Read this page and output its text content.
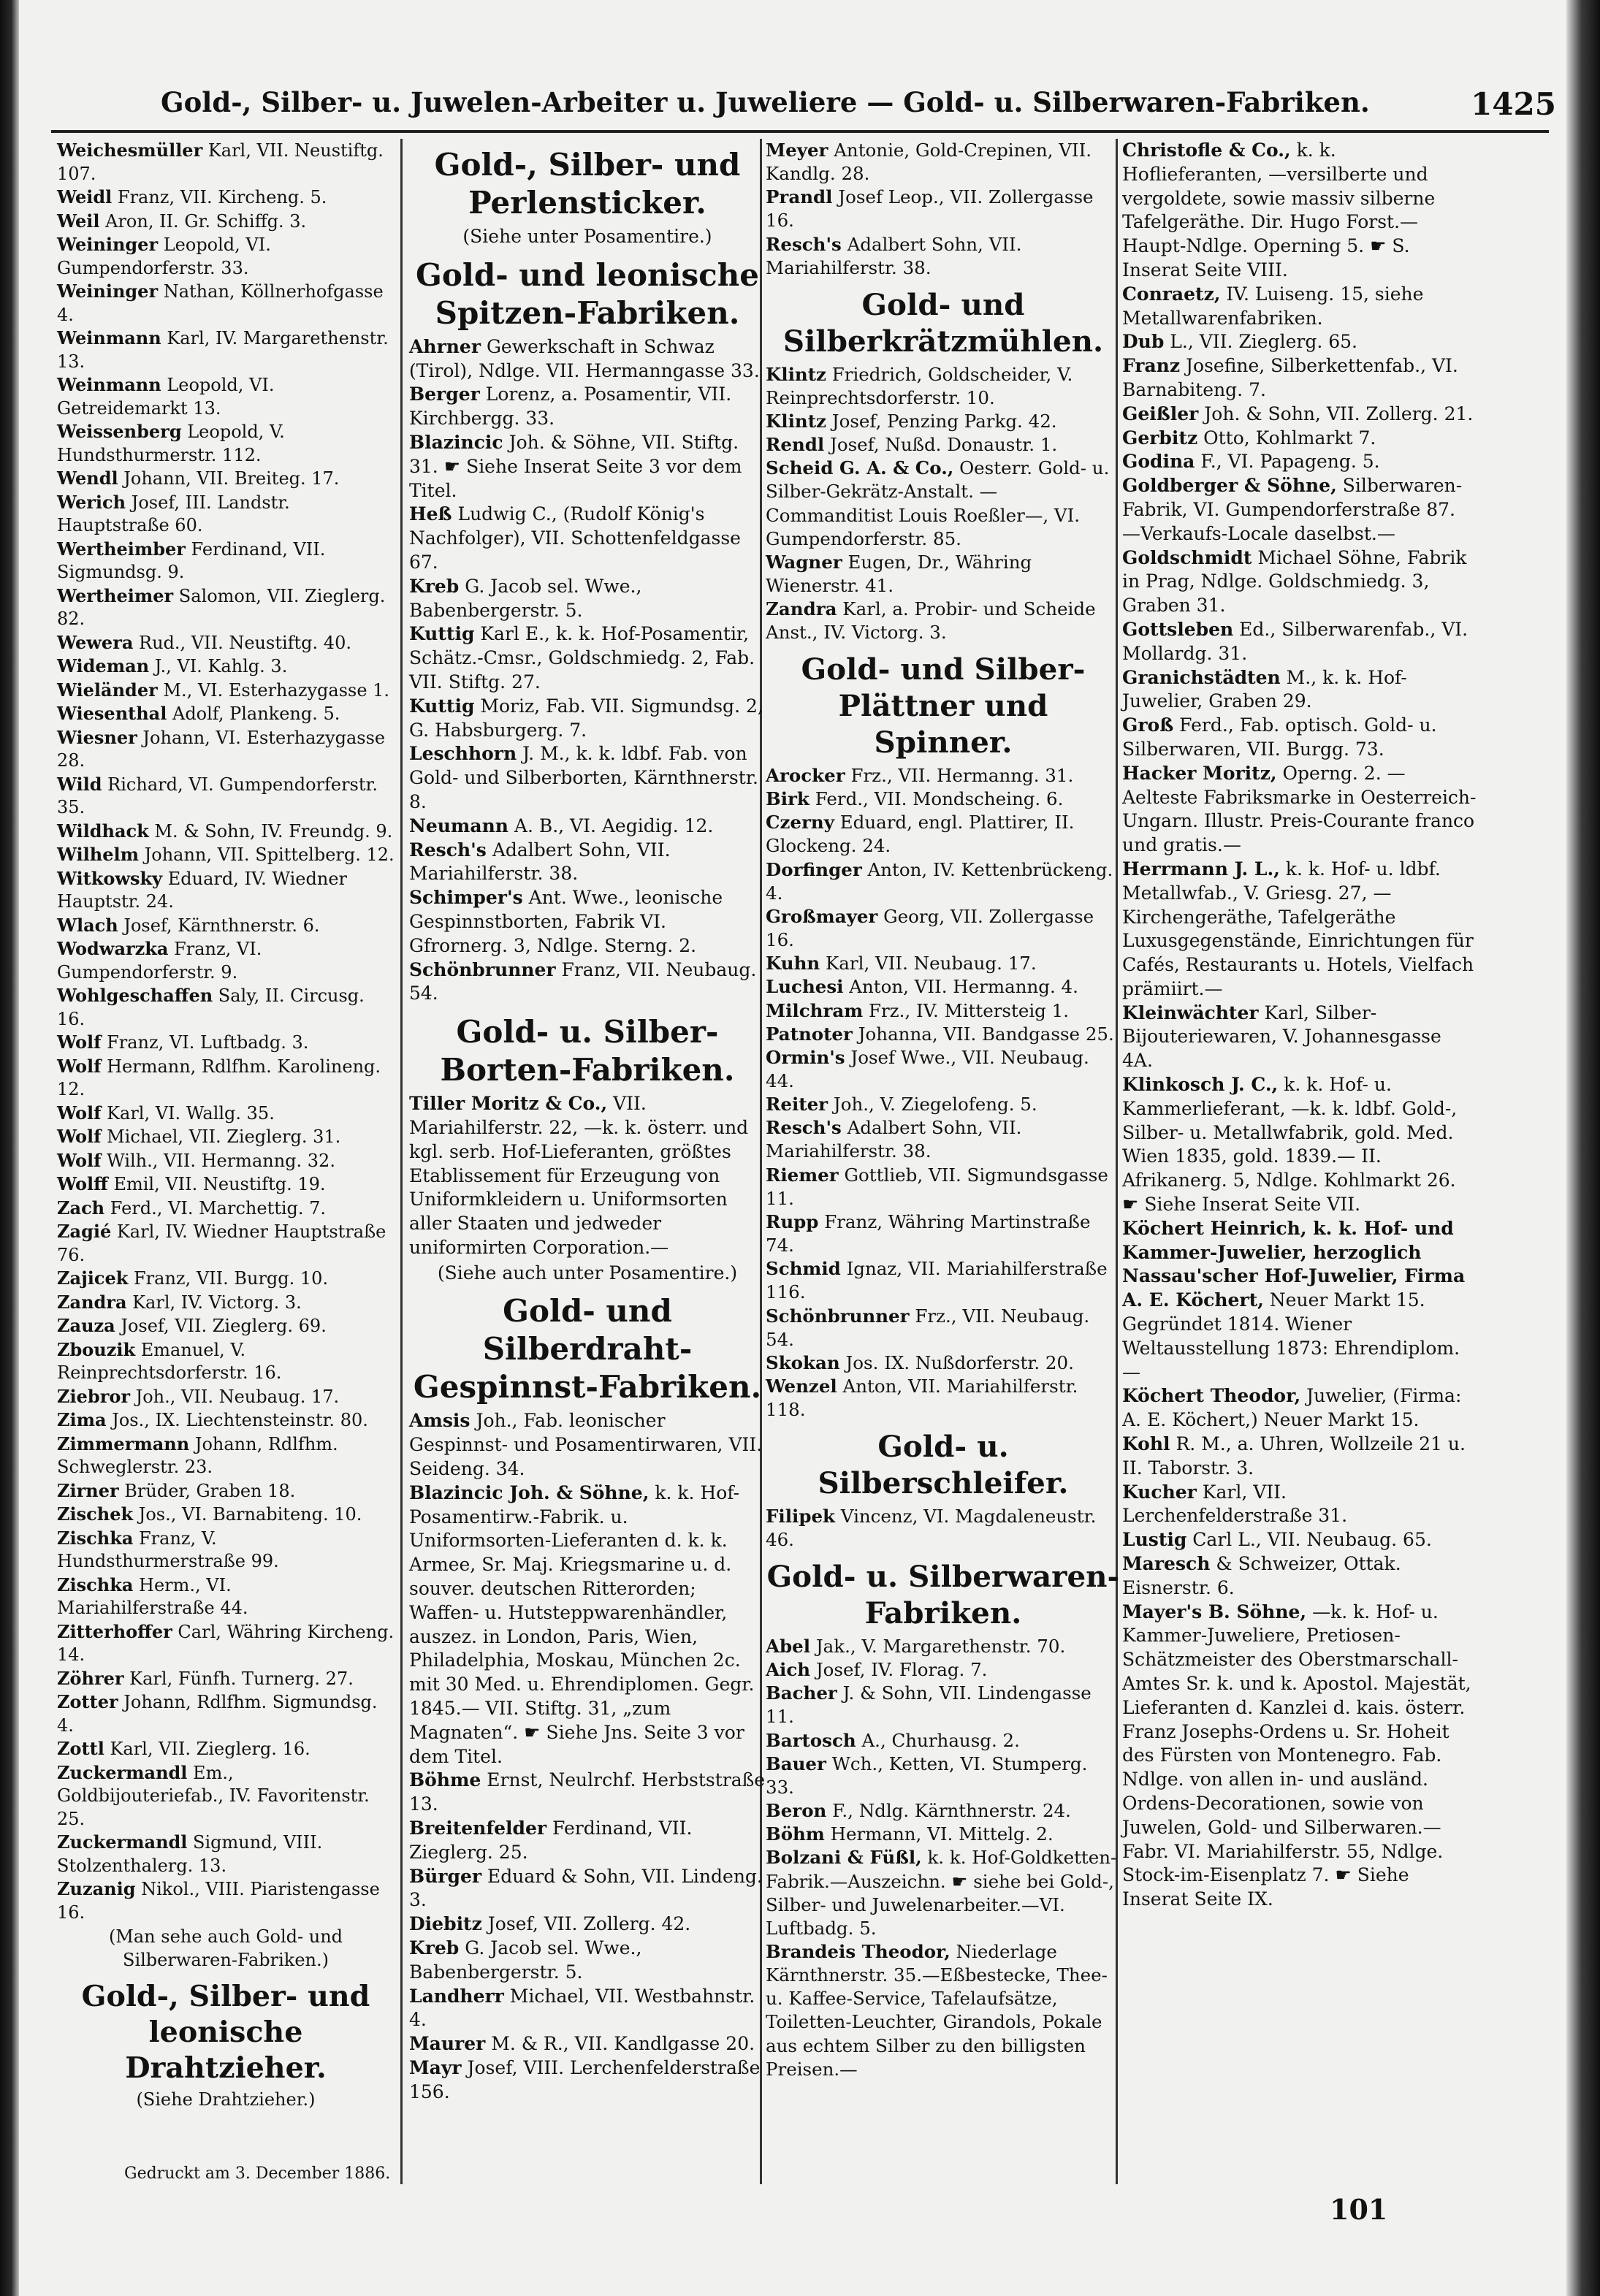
Gold-, Silber- u. Juwelen-Arbeiter u. Juweliere — Gold- u. Silberwaren-Fabriken.	1425

Weichesmüller Karl, VII. Neustiftg. 107.

Weidl Franz, VII. Kircheng. 5.

Weil Aron, II. Gr. Schiffg. 3.

Weininger Leopold, VI. Gumpendorferstr. 33.

Weininger Nathan, Köllnerhofgasse 4.

Weinmann Karl, IV. Margarethenstr. 13.

Weinmann Leopold, VI. Getreidemarkt 13.

Weissenberg Leopold, V. Hundsthurmerstr. 112.

Wendl Johann, VII. Breiteg. 17.

Werich Josef, III. Landstr. Hauptstraße 60.

Wertheimber Ferdinand, VII. Sigmundsg. 9.

Wertheimer Salomon, VII. Zieglerg. 82.

Wewera Rud., VII. Neustiftg. 40.

Wideman J., VI. Kahlg. 3.

Wieländer M., VI. Esterhazygasse 1.

Wiesenthal Adolf, Plankeng. 5.

Wiesner Johann, VI. Esterhazygasse 28.

Wild Richard, VI. Gumpendorferstr. 35.

Wildhack M. & Sohn, IV. Freundg. 9.

Wilhelm Johann, VII. Spittelberg. 12.

Witkowsky Eduard, IV. Wiedner Hauptstr. 24.

Wlach Josef, Kärnthnerstr. 6.

Wodwarzka Franz, VI. Gumpendorferstr. 9.

Wohlgeschaffen Saly, II. Circusg. 16.

Wolf Franz, VI. Luftbadg. 3.

Wolf Hermann, Rdlfhm. Karolineng. 12.

Wolf Karl, VI. Wallg. 35.

Wolf Michael, VII. Zieglerg. 31.

Wolf Wilh., VII. Hermanng. 32.

Wolff Emil, VII. Neustiftg. 19.

Zach Ferd., VI. Marchettig. 7.

Zagié Karl, IV. Wiedner Hauptstraße 76.

Zajicek Franz, VII. Burgg. 10.

Zandra Karl, IV. Victorg. 3.

Zauza Josef, VII. Zieglerg. 69.

Zbouzik Emanuel, V. Reinprechtsdorferstr. 16.

Ziebror Joh., VII. Neubaug. 17.

Zima Jos., IX. Liechtensteinstr. 80.

Zimmermann Johann, Rdlfhm. Schweglerstr. 23.

Zirner Brüder, Graben 18.

Zischek Jos., VI. Barnabiteng. 10.

Zischka Franz, V. Hundsthurmerstraße 99.

Zischka Herm., VI. Mariahilferstraße 44.

Zitterhoffer Carl, Währing Kircheng. 14.

Zöhrer Karl, Fünfh. Turnerg. 27.

Zotter Johann, Rdlfhm. Sigmundsg. 4.

Zottl Karl, VII. Zieglerg. 16.

Zuckermandl Em., Goldbijouteriefab., IV. Favoritenstr. 25.

Zuckermandl Sigmund, VIII. Stolzenthalerg. 13.

Zuzanig Nikol., VIII. Piaristengasse 16.

(Man sehe auch Gold- und Silberwaren-Fabriken.)
Gold-, Silber- und leonische Drahtzieher.
(Siehe Drahtzieher.)
Gold-, Silber- und Perlensticker.
(Siehe unter Posamentire.)
Gold- und leonische Spitzen-Fabriken.

Ahrner Gewerkschaft in Schwaz (Tirol), Ndlge. VII. Hermanngasse 33.

Berger Lorenz, a. Posamentir, VII. Kirchbergg. 33.

Blazincic Joh. & Söhne, VII. Stiftg. 31. ☛ Siehe Inserat Seite 3 vor dem Titel.

Heß Ludwig C., (Rudolf König's Nachfolger), VII. Schottenfeldgasse 67.

Kreb G. Jacob sel. Wwe., Babenbergerstr. 5.

Kuttig Karl E., k. k. Hof-Posamentir, Schätz.-Cmsr., Goldschmiedg. 2, Fab. VII. Stiftg. 27.

Kuttig Moriz, Fab. VII. Sigmundsg. 2, G. Habsburgerg. 7.

Leschhorn J. M., k. k. ldbf. Fab. von Gold- und Silberborten, Kärnthnerstr. 8.

Neumann A. B., VI. Aegidig. 12.

Resch's Adalbert Sohn, VII. Mariahilferstr. 38.

Schimper's Ant. Wwe., leonische Gespinnstborten, Fabrik VI. Gfrornerg. 3, Ndlge. Sterng. 2.

Schönbrunner Franz, VII. Neubaug. 54.

Gold- u. Silber-Borten-Fabriken.

Tiller Moritz & Co., VII. Mariahilferstr. 22, —k. k. österr. und kgl. serb. Hof-Lieferanten, größtes Etablissement für Erzeugung von Uniformkleidern u. Uniformsorten aller Staaten und jedweder uniformirten Corporation.—

(Siehe auch unter Posamentire.)
Gold- und Silberdraht-Gespinnst-Fabriken.

Amsis Joh., Fab. leonischer Gespinnst- und Posamentirwaren, VII. Seideng. 34.

Blazincic Joh. & Söhne, k. k. Hof-Posamentirw.-Fabrik. u. Uniformsorten-Lieferanten d. k. k. Armee, Sr. Maj. Kriegsmarine u. d. souver. deutschen Ritterorden; Waffen- u. Hutsteppwarenhändler, auszez. in London, Paris, Wien, Philadelphia, Moskau, München 2c. mit 30 Med. u. Ehrendiplomen. Gegr. 1845.— VII. Stiftg. 31, „zum Magnaten“. ☛ Siehe Jns. Seite 3 vor dem Titel.

Böhme Ernst, Neulrchf. Herbststraße 13.

Breitenfelder Ferdinand, VII. Zieglerg. 25.

Bürger Eduard & Sohn, VII. Lindeng. 3.

Diebitz Josef, VII. Zollerg. 42.

Kreb G. Jacob sel. Wwe., Babenbergerstr. 5.

Landherr Michael, VII. Westbahnstr. 4.

Maurer M. & R., VII. Kandlgasse 20.

Mayr Josef, VIII. Lerchenfelderstraße 156.

Meyer Antonie, Gold-Crepinen, VII. Kandlg. 28.

Prandl Josef Leop., VII. Zollergasse 16.

Resch's Adalbert Sohn, VII. Mariahilferstr. 38.

Gold- und Silberkrätzmühlen.

Klintz Friedrich, Goldscheider, V. Reinprechtsdorferstr. 10.

Klintz Josef, Penzing Parkg. 42.

Rendl Josef, Nußd. Donaustr. 1.

Scheid G. A. & Co., Oesterr. Gold- u. Silber-Gekrätz-Anstalt. —Commanditist Louis Roeßler—, VI. Gumpendorferstr. 85.

Wagner Eugen, Dr., Währing Wienerstr. 41.

Zandra Karl, a. Probir- und Scheide Anst., IV. Victorg. 3.

Gold- und Silber-Plättner und Spinner.

Arocker Frz., VII. Hermanng. 31.

Birk Ferd., VII. Mondscheing. 6.

Czerny Eduard, engl. Plattirer, II. Glockeng. 24.

Dorfinger Anton, IV. Kettenbrückeng. 4.

Großmayer Georg, VII. Zollergasse 16.

Kuhn Karl, VII. Neubaug. 17.

Luchesi Anton, VII. Hermanng. 4.

Milchram Frz., IV. Mittersteig 1.

Patnoter Johanna, VII. Bandgasse 25.

Ormin's Josef Wwe., VII. Neubaug. 44.

Reiter Joh., V. Ziegelofeng. 5.

Resch's Adalbert Sohn, VII. Mariahilferstr. 38.

Riemer Gottlieb, VII. Sigmundsgasse 11.

Rupp Franz, Währing Martinstraße 74.

Schmid Ignaz, VII. Mariahilferstraße 116.

Schönbrunner Frz., VII. Neubaug. 54.

Skokan Jos. IX. Nußdorferstr. 20.

Wenzel Anton, VII. Mariahilferstr. 118.

Gold- u. Silberschleifer.

Filipek Vincenz, VI. Magdaleneustr. 46.

Gold- u. Silberwaren-Fabriken.

Abel Jak., V. Margarethenstr. 70.

Aich Josef, IV. Florag. 7.

Bacher J. & Sohn, VII. Lindengasse 11.

Bartosch A., Churhausg. 2.

Bauer Wch., Ketten, VI. Stumperg. 33.

Beron F., Ndlg. Kärnthnerstr. 24.

Böhm Hermann, VI. Mittelg. 2.

Bolzani & Füßl, k. k. Hof-Goldketten-Fabrik.—Auszeichn. ☛ siehe bei Gold-, Silber- und Juwelenarbeiter.—VI. Luftbadg. 5.

Brandeis Theodor, Niederlage Kärnthnerstr. 35.—Eßbestecke, Thee- u. Kaffee-Service, Tafelaufsätze, Toiletten-Leuchter, Girandols, Pokale aus echtem Silber zu den billigsten Preisen.—

Christofle & Co., k. k. Hoflieferanten, —versilberte und vergoldete, sowie massiv silberne Tafelgeräthe. Dir. Hugo Forst.—Haupt-Ndlge. Operning 5. ☛ S. Inserat Seite VIII.

Conraetz, IV. Luiseng. 15, siehe Metallwarenfabriken.

Dub L., VII. Zieglerg. 65.

Franz Josefine, Silberkettenfab., VI. Barnabiteng. 7.

Geißler Joh. & Sohn, VII. Zollerg. 21.

Gerbitz Otto, Kohlmarkt 7.

Godina F., VI. Papageng. 5.

Goldberger & Söhne, Silberwaren-Fabrik, VI. Gumpendorferstraße 87. —Verkaufs-Locale daselbst.—

Goldschmidt Michael Söhne, Fabrik in Prag, Ndlge. Goldschmiedg. 3, Graben 31.

Gottsleben Ed., Silberwarenfab., VI. Mollardg. 31.

Granichstädten M., k. k. Hof-Juwelier, Graben 29.

Groß Ferd., Fab. optisch. Gold- u. Silberwaren, VII. Burgg. 73.

Hacker Moritz, Operng. 2. —Aelteste Fabriksmarke in Oesterreich-Ungarn. Illustr. Preis-Courante franco und gratis.—

Herrmann J. L., k. k. Hof- u. ldbf. Metallwfab., V. Griesg. 27, —Kirchengeräthe, Tafelgeräthe Luxusgegenstände, Einrichtungen für Cafés, Restaurants u. Hotels, Vielfach prämiirt.—

Kleinwächter Karl, Silber-Bijouteriewaren, V. Johannesgasse 4A.

Klinkosch J. C., k. k. Hof- u. Kammerlieferant, —k. k. ldbf. Gold-, Silber- u. Metallwfabrik, gold. Med. Wien 1835, gold. 1839.— II. Afrikanerg. 5, Ndlge. Kohlmarkt 26. ☛ Siehe Inserat Seite VII.

Köchert Heinrich, k. k. Hof- und Kammer-Juwelier, herzoglich Nassau'scher Hof-Juwelier, Firma A. E. Köchert, Neuer Markt 15. Gegründet 1814. Wiener Weltausstellung 1873: Ehrendiplom.—

Köchert Theodor, Juwelier, (Firma: A. E. Köchert,) Neuer Markt 15.

Kohl R. M., a. Uhren, Wollzeile 21 u. II. Taborstr. 3.

Kucher Karl, VII. Lerchenfelderstraße 31.

Lustig Carl L., VII. Neubaug. 65.

Maresch & Schweizer, Ottak. Eisnerstr. 6.

Mayer's B. Söhne, —k. k. Hof- u. Kammer-Juweliere, Pretiosen-Schätzmeister des Oberstmarschall-Amtes Sr. k. und k. Apostol. Majestät, Lieferanten d. Kanzlei d. kais. österr. Franz Josephs-Ordens u. Sr. Hoheit des Fürsten von Montenegro. Fab. Ndlge. von allen in- und ausländ. Ordens-Decorationen, sowie von Juwelen, Gold- und Silberwaren.— Fabr. VI. Mariahilferstr. 55, Ndlge. Stock-im-Eisenplatz 7. ☛ Siehe Inserat Seite IX.

Gedruckt am 3. December 1886.
101
